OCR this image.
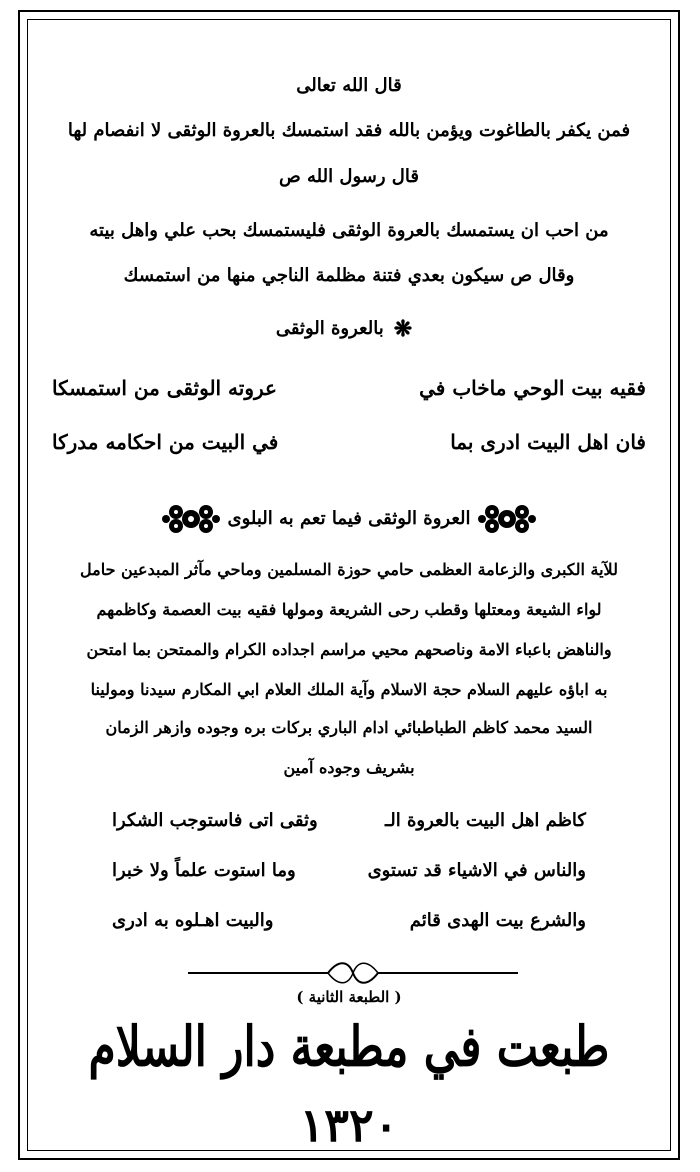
قال الله تعالى
فمن يكفر بالطاغوت ويؤمن بالله فقد استمسك بالعروة الوثقى لا انفصام لها
قال رسول الله ص
من احب ان يستمسك بالعروة الوثقى فليستمسك بحب علي واهل بيته
وقال ص سيكون بعدي فتنة مظلمة الناجي منها من استمسك
❋بالعروة الوثقى
فقيه بيت الوحي ماخاب في
عروته الوثقى من استمسكا
فان اهل البيت ادرى بما
في البيت من احكامه مدركا
العروة الوثقى فيما تعم به البلوى
للآية الكبرى والزعامة العظمى حامي حوزة المسلمين وماحي مآثر المبدعين حامل
لواء الشيعة ومعتلها وقطب رحى الشريعة ومولها فقيه بيت العصمة وكاظمهم
والناهض باعباء الامة وناصحهم محيي مراسم اجداده الكرام والممتحن بما امتحن
به اباؤه عليهم السلام حجة الاسلام وآية الملك العلام ابي المكارم سيدنا ومولينا
السيد محمد كاظم الطباطبائي ادام الباري بركات بره وجوده وازهر الزمان
بشريف وجوده آمين
كاظم اهل البيت بالعروة الـ
وثقى اتى فاستوجب الشكرا
والناس في الاشياء قد تستوى
وما استوت علماً ولا خبرا
والشرع بيت الهدى قائم
والبيت اهـلوه به ادرى
( الطبعة الثانية )
طبعت في مطبعة دار السلام
١٣٢٠
